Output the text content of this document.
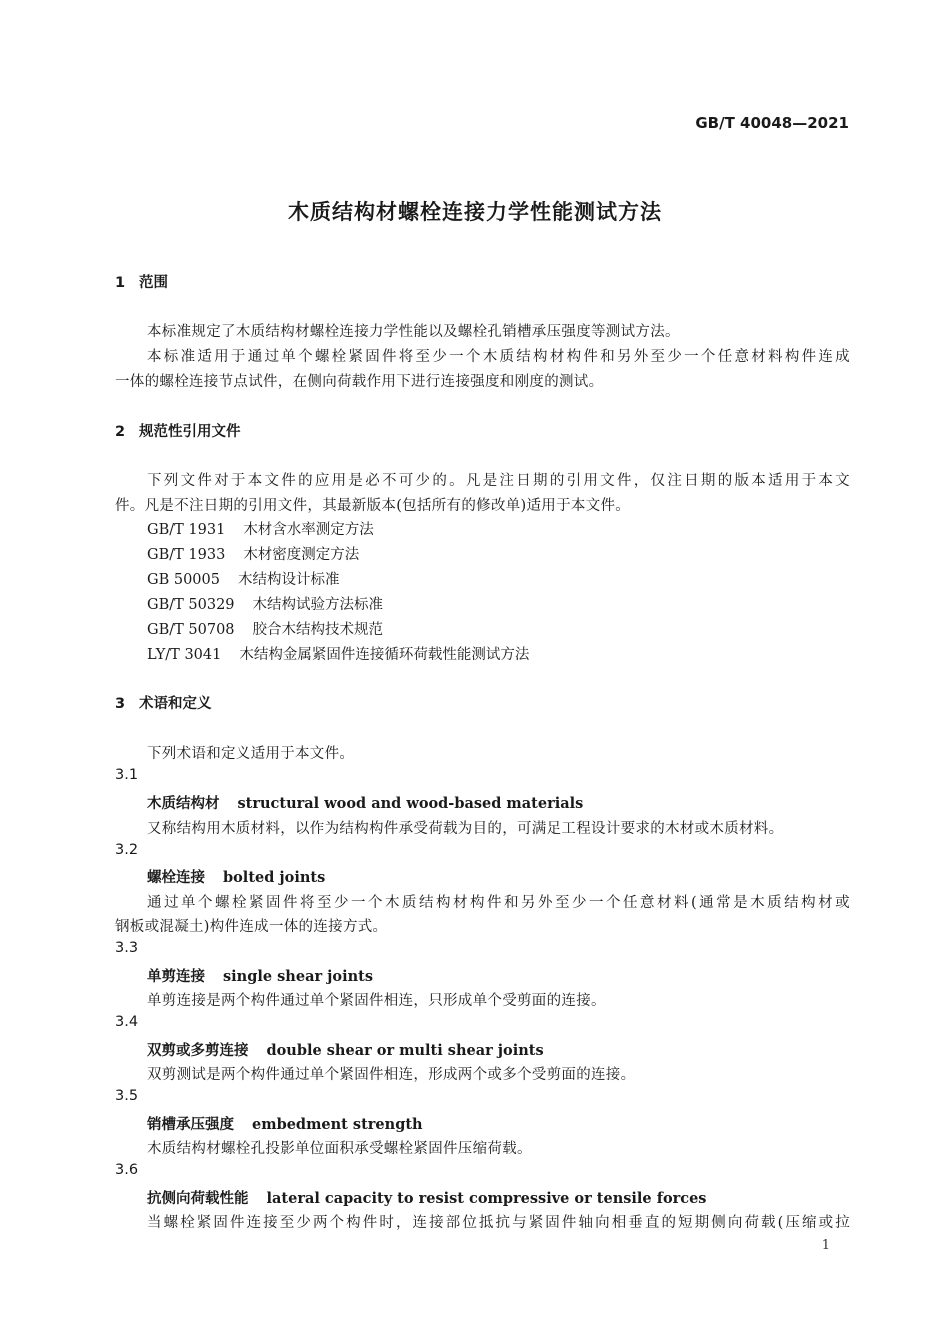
GB/T 40048—2021
木质结构材螺栓连接力学性能测试方法
1 范围
本标准规定了木质结构材螺栓连接力学性能以及螺栓孔销槽承压强度等测试方法。
本标准适用于通过单个螺栓紧固件将至少一个木质结构材构件和另外至少一个任意材料构件连成
一体的螺栓连接节点试件，在侧向荷载作用下进行连接强度和刚度的测试。
2 规范性引用文件
下列文件对于本文件的应用是必不可少的。凡是注日期的引用文件，仅注日期的版本适用于本文
件。凡是不注日期的引用文件，其最新版本(包括所有的修改单)适用于本文件。
GB/T 1931 木材含水率测定方法
GB/T 1933 木材密度测定方法
GB 50005 木结构设计标准
GB/T 50329 木结构试验方法标准
GB/T 50708 胶合木结构技术规范
LY/T 3041 木结构金属紧固件连接循环荷载性能测试方法
3 术语和定义
下列术语和定义适用于本文件。
3.1
木质结构材 structural wood and wood-based materials
又称结构用木质材料，以作为结构构件承受荷载为目的，可满足工程设计要求的木材或木质材料。
3.2
螺栓连接 bolted joints
通过单个螺栓紧固件将至少一个木质结构材构件和另外至少一个任意材料(通常是木质结构材或
钢板或混凝土)构件连成一体的连接方式。
3.3
单剪连接 single shear joints
单剪连接是两个构件通过单个紧固件相连，只形成单个受剪面的连接。
3.4
双剪或多剪连接 double shear or multi shear joints
双剪测试是两个构件通过单个紧固件相连，形成两个或多个受剪面的连接。
3.5
销槽承压强度 embedment strength
木质结构材螺栓孔投影单位面积承受螺栓紧固件压缩荷载。
3.6
抗侧向荷载性能 lateral capacity to resist compressive or tensile forces
当螺栓紧固件连接至少两个构件时，连接部位抵抗与紧固件轴向相垂直的短期侧向荷载(压缩或拉
1
